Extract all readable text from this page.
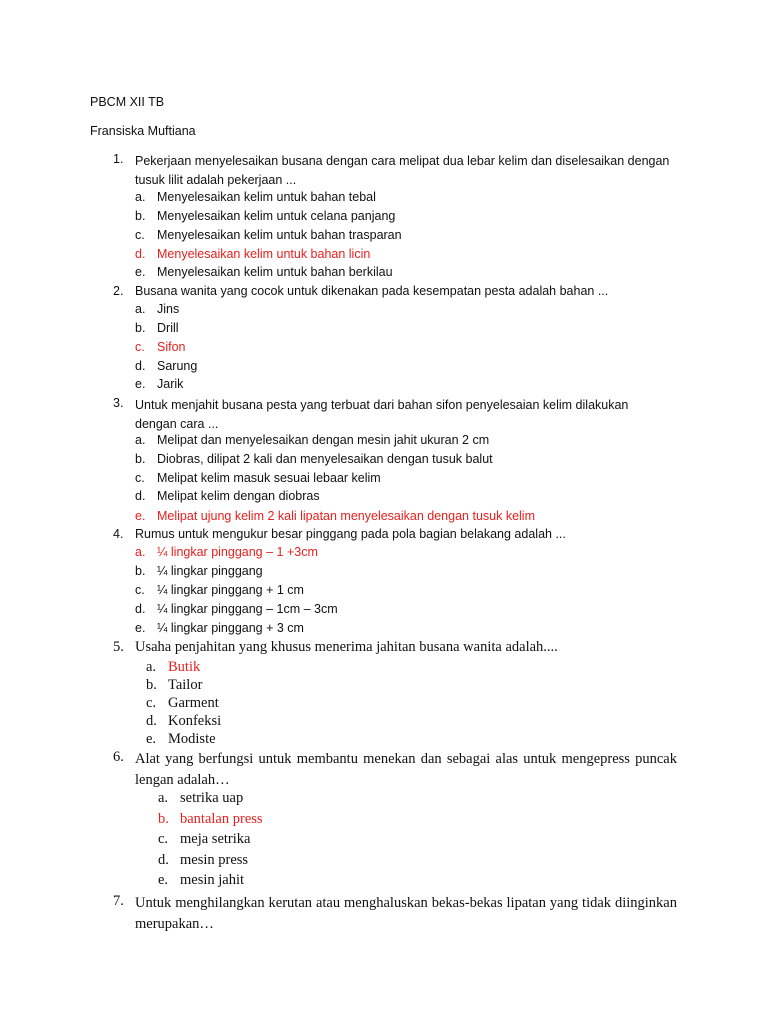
PBCM XII TB
Fransiska Muftiana
1. Pekerjaan menyelesaikan busana dengan cara melipat dua lebar kelim dan diselesaikan dengan tusuk lilit adalah pekerjaan ...
a. Menyelesaikan kelim untuk bahan tebal
b. Menyelesaikan kelim untuk celana panjang
c. Menyelesaikan kelim untuk bahan trasparan
d. Menyelesaikan kelim untuk bahan licin
e. Menyelesaikan kelim untuk bahan berkilau
2. Busana wanita yang cocok untuk dikenakan pada kesempatan pesta adalah bahan ...
a. Jins
b. Drill
c. Sifon
d. Sarung
e. Jarik
3. Untuk menjahit busana pesta yang terbuat dari bahan sifon penyelesaian kelim dilakukan dengan cara ...
a. Melipat dan menyelesaikan dengan mesin jahit ukuran 2 cm
b. Diobras, dilipat 2 kali dan menyelesaikan dengan tusuk balut
c. Melipat kelim masuk sesuai lebaar kelim
d. Melipat kelim dengan diobras
e. Melipat ujung kelim 2 kali lipatan menyelesaikan dengan tusuk kelim
4. Rumus untuk mengukur besar pinggang pada pola bagian belakang adalah ...
a. ¼ lingkar pinggang – 1 +3cm
b. ¼ lingkar pinggang
c. ¼ lingkar pinggang + 1 cm
d. ¼ lingkar pinggang – 1cm – 3cm
e. ¼ lingkar pinggang + 3 cm
5. Usaha penjahitan yang khusus menerima jahitan busana wanita adalah....
a. Butik
b. Tailor
c. Garment
d. Konfeksi
e. Modiste
6. Alat yang berfungsi untuk membantu menekan dan sebagai alas untuk mengepress puncak lengan adalah…
a. setrika uap
b. bantalan press
c. meja setrika
d. mesin press
e. mesin jahit
7. Untuk menghilangkan kerutan atau menghaluskan bekas-bekas lipatan yang tidak diinginkan merupakan…
